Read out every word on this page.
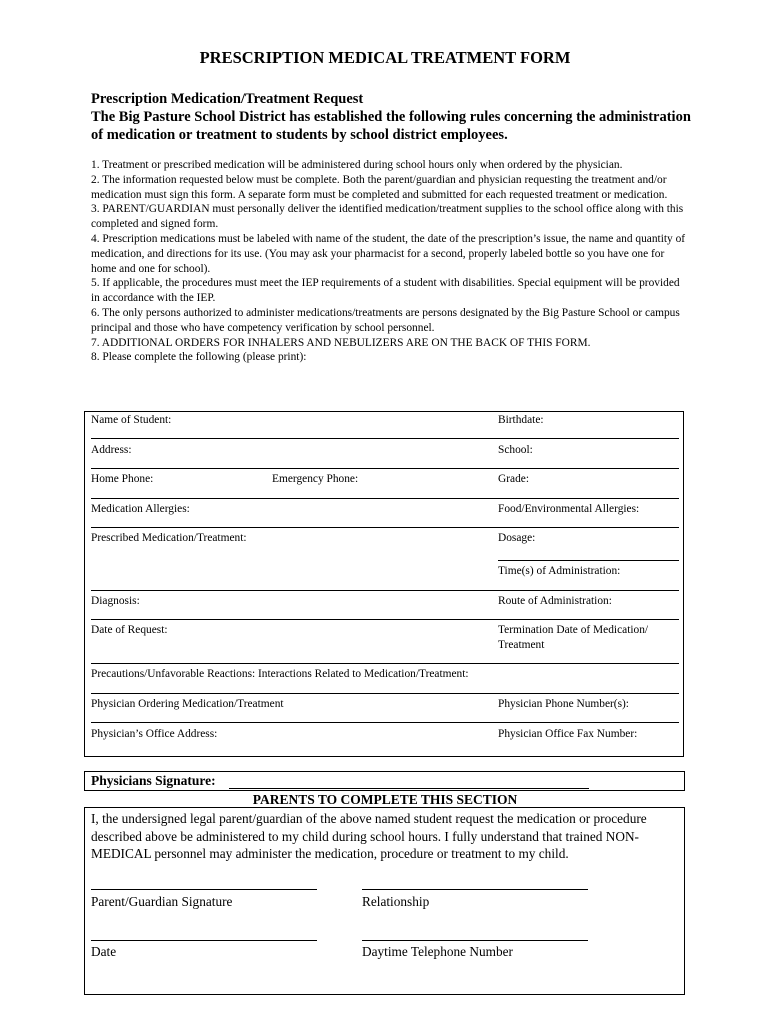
PRESCRIPTION MEDICAL TREATMENT FORM
Prescription Medication/Treatment Request
The Big Pasture School District has established the following rules concerning the administration of medication or treatment to students by school district employees.
1. Treatment or prescribed medication will be administered during school hours only when ordered by the physician.
2. The information requested below must be complete. Both the parent/guardian and physician requesting the treatment and/or medication must sign this form. A separate form must be completed and submitted for each requested treatment or medication.
3. PARENT/GUARDIAN must personally deliver the identified medication/treatment supplies to the school office along with this completed and signed form.
4. Prescription medications must be labeled with name of the student, the date of the prescription’s issue, the name and quantity of medication, and directions for its use. (You may ask your pharmacist for a second, properly labeled bottle so you have one for home and one for school).
5. If applicable, the procedures must meet the IEP requirements of a student with disabilities. Special equipment will be provided in accordance with the IEP.
6. The only persons authorized to administer medications/treatments are persons designated by the Big Pasture School or campus principal and those who have competency verification by school personnel.
7. ADDITIONAL ORDERS FOR INHALERS AND NEBULIZERS ARE ON THE BACK OF THIS FORM.
8. Please complete the following (please print):
Name of Student:	Birthdate:
Address:	School:
Home Phone:	Emergency Phone:	Grade:
Medication Allergies:	Food/Environmental Allergies:
Prescribed Medication/Treatment:	Dosage:
Time(s) of Administration:
Diagnosis:	Route of Administration:
Date of Request:	Termination Date of Medication/
Treatment
Precautions/Unfavorable Reactions: Interactions Related to Medication/Treatment:
Physician Ordering Medication/Treatment	Physician Phone Number(s):
Physician’s Office Address:	Physician Office Fax Number:
Physicians Signature:
PARENTS TO COMPLETE THIS SECTION
I, the undersigned legal parent/guardian of the above named student request the medication or procedure described above be administered to my child during school hours. I fully understand that trained NON-MEDICAL personnel may administer the medication, procedure or treatment to my child.
Parent/Guardian Signature	Relationship
Date	Daytime Telephone Number
